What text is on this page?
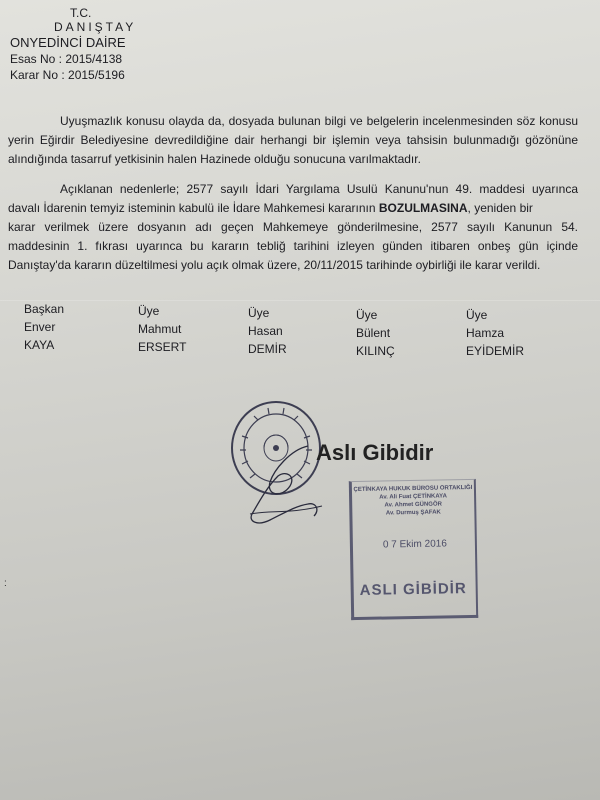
T.C.
DANIŞTAY
ONYEDİNCİ DAİRE
Esas No : 2015/4138
Karar No : 2015/5196
Uyuşmazlık konusu olayda da, dosyada bulunan bilgi ve belgelerin incelenmesinden söz konusu
yerin Eğirdir Belediyesine devredildiğine dair herhangi bir işlemin veya tahsisin bulunmadığı gözönüne
alındığında tasarruf yetkisinin halen Hazinede olduğu sonucuna varılmaktadır.
Açıklanan nedenlerle; 2577 sayılı İdari Yargılama Usulü Kanunu'nun 49. maddesi uyarınca
davalı İdarenin temyiz isteminin kabulü ile İdare Mahkemesi kararının BOZULMASINA, yeniden bir
karar verilmek üzere dosyanın adı geçen Mahkemeye gönderilmesine, 2577 sayılı Kanunun 54.
maddesinin 1. fıkrası uyarınca bu kararın tebliğ tarihini izleyen günden itibaren onbeş gün içinde
Danıştay'da kararın düzeltilmesi yolu açık olmak üzere, 20/11/2015 tarihinde oybirliği ile karar verildi.
Başkan
Enver
KAYA
Üye
Mahmut
ERSERT
Üye
Hasan
DEMİR
Üye
Bülent
KILINÇ
Üye
Hamza
EYİDEMİR
Aslı Gibidir
ÇETİNKAYA HUKUK BÜROSU ORTAKLIĞI
Av. Ali Fuat ÇETİNKAYA
Av. Ahmet GÜNGÖR
Av. Durmuş ŞAFAK
0 7 Ekim 2016
ASLI GİBİDİR
:
